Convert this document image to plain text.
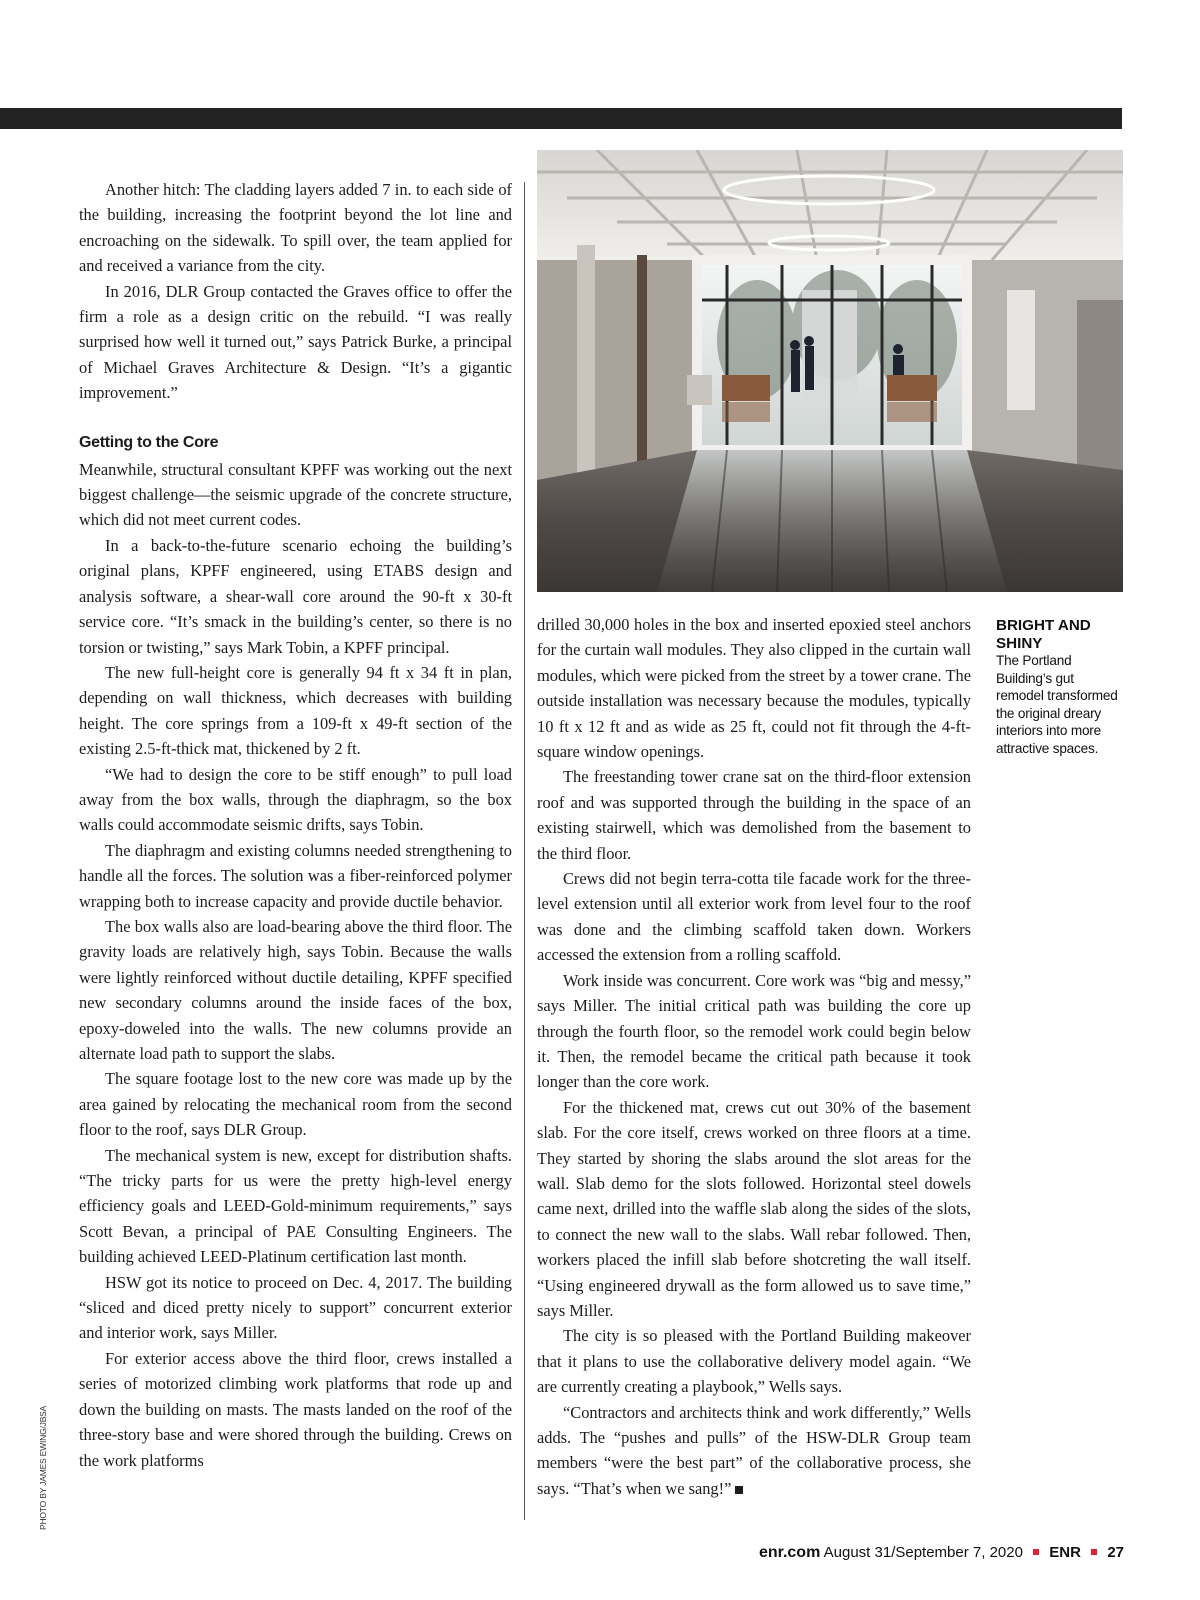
Another hitch: The cladding layers added 7 in. to each side of the building, increasing the footprint beyond the lot line and encroaching on the sidewalk. To spill over, the team applied for and received a variance from the city.

In 2016, DLR Group contacted the Graves office to offer the firm a role as a design critic on the rebuild. “I was really surprised how well it turned out,” says Patrick Burke, a principal of Michael Graves Architecture & Design. “It’s a gigantic improvement.”

Getting to the Core

Meanwhile, structural consultant KPFF was working out the next biggest challenge—the seismic upgrade of the concrete structure, which did not meet current codes.

In a back-to-the-future scenario echoing the building’s original plans, KPFF engineered, using ETABS design and analysis software, a shear-wall core around the 90-ft x 30-ft service core. “It’s smack in the building’s center, so there is no torsion or twisting,” says Mark Tobin, a KPFF principal.

The new full-height core is generally 94 ft x 34 ft in plan, depending on wall thickness, which decreases with building height. The core springs from a 109-ft x 49-ft section of the existing 2.5-ft-thick mat, thickened by 2 ft.

“We had to design the core to be stiff enough” to pull load away from the box walls, through the diaphragm, so the box walls could accommodate seismic drifts, says Tobin.

The diaphragm and existing columns needed strengthening to handle all the forces. The solution was a fiber-reinforced polymer wrapping both to increase capacity and provide ductile behavior.

The box walls also are load-bearing above the third floor. The gravity loads are relatively high, says Tobin. Because the walls were lightly reinforced without ductile detailing, KPFF specified new secondary columns around the inside faces of the box, epoxy-doweled into the walls. The new columns provide an alternate load path to support the slabs.

The square footage lost to the new core was made up by the area gained by relocating the mechanical room from the second floor to the roof, says DLR Group.

The mechanical system is new, except for distribution shafts. “The tricky parts for us were the pretty high-level energy efficiency goals and LEED-Gold-minimum requirements,” says Scott Bevan, a principal of PAE Consulting Engineers. The building achieved LEED-Platinum certification last month.

HSW got its notice to proceed on Dec. 4, 2017. The building “sliced and diced pretty nicely to support” concurrent exterior and interior work, says Miller.

For exterior access above the third floor, crews installed a series of motorized climbing work platforms that rode up and down the building on masts. The masts landed on the roof of the three-story base and were shored through the building. Crews on the work platforms

drilled 30,000 holes in the box and inserted epoxied steel anchors for the curtain wall modules. They also clipped in the curtain wall modules, which were picked from the street by a tower crane. The outside installation was necessary because the modules, typically 10 ft x 12 ft and as wide as 25 ft, could not fit through the 4-ft-square window openings.

The freestanding tower crane sat on the third-floor extension roof and was supported through the building in the space of an existing stairwell, which was demolished from the basement to the third floor.

Crews did not begin terra-cotta tile facade work for the three-level extension until all exterior work from level four to the roof was done and the climbing scaffold taken down. Workers accessed the extension from a rolling scaffold.

Work inside was concurrent. Core work was “big and messy,” says Miller. The initial critical path was building the core up through the fourth floor, so the remodel work could begin below it. Then, the remodel became the critical path because it took longer than the core work.

For the thickened mat, crews cut out 30% of the basement slab. For the core itself, crews worked on three floors at a time. They started by shoring the slabs around the slot areas for the wall. Slab demo for the slots followed. Horizontal steel dowels came next, drilled into the waffle slab along the sides of the slots, to connect the new wall to the slabs. Wall rebar followed. Then, workers placed the infill slab before shotcreting the wall itself. “Using engineered drywall as the form allowed us to save time,” says Miller.

The city is so pleased with the Portland Building makeover that it plans to use the collaborative delivery model again. “We are currently creating a playbook,” Wells says.

“Contractors and architects think and work differently,” Wells adds. The “pushes and pulls” of the HSW-DLR Group team members “were the best part” of the collaborative process, she says. “That’s when we sang!”

BRIGHT AND SHINY
The Portland Building’s gut remodel transformed the original dreary interiors into more attractive spaces.
PHOTO BY JAMES EWING/JBSA
enr.com August 31/September 7, 2020 ENR 27
